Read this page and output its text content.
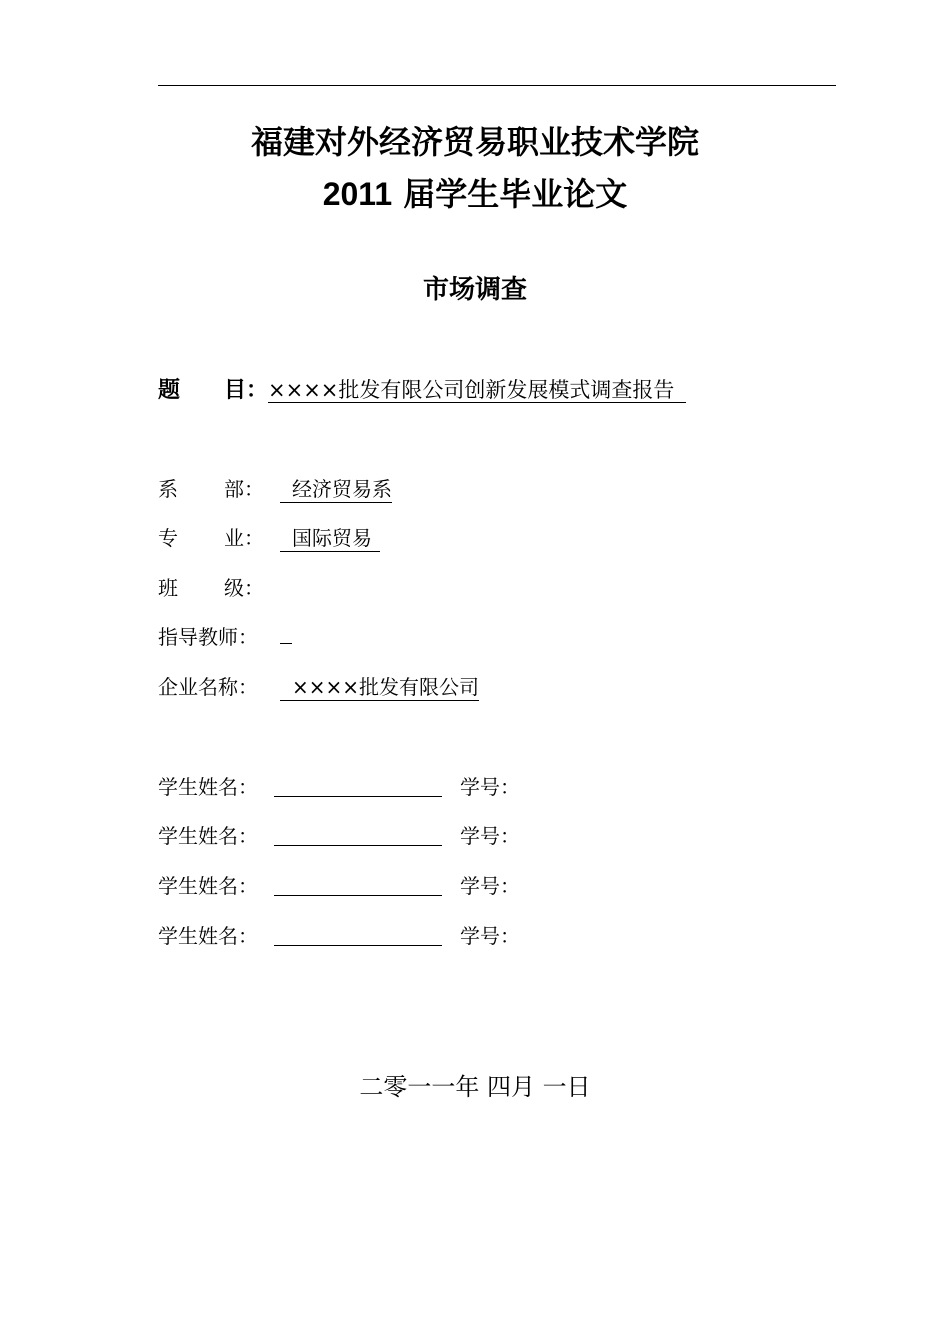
福建对外经济贸易职业技术学院
2011 届学生毕业论文
市场调查
题 目：××××批发有限公司创新发展模式调查报告
系 部： 经济贸易系
专 业： 国际贸易
班 级：
指导教师：
企业名称： ××××批发有限公司
学生姓名：	学号：
学生姓名：	学号：
学生姓名：	学号：
学生姓名：	学号：
二零一一年 四月 一日
